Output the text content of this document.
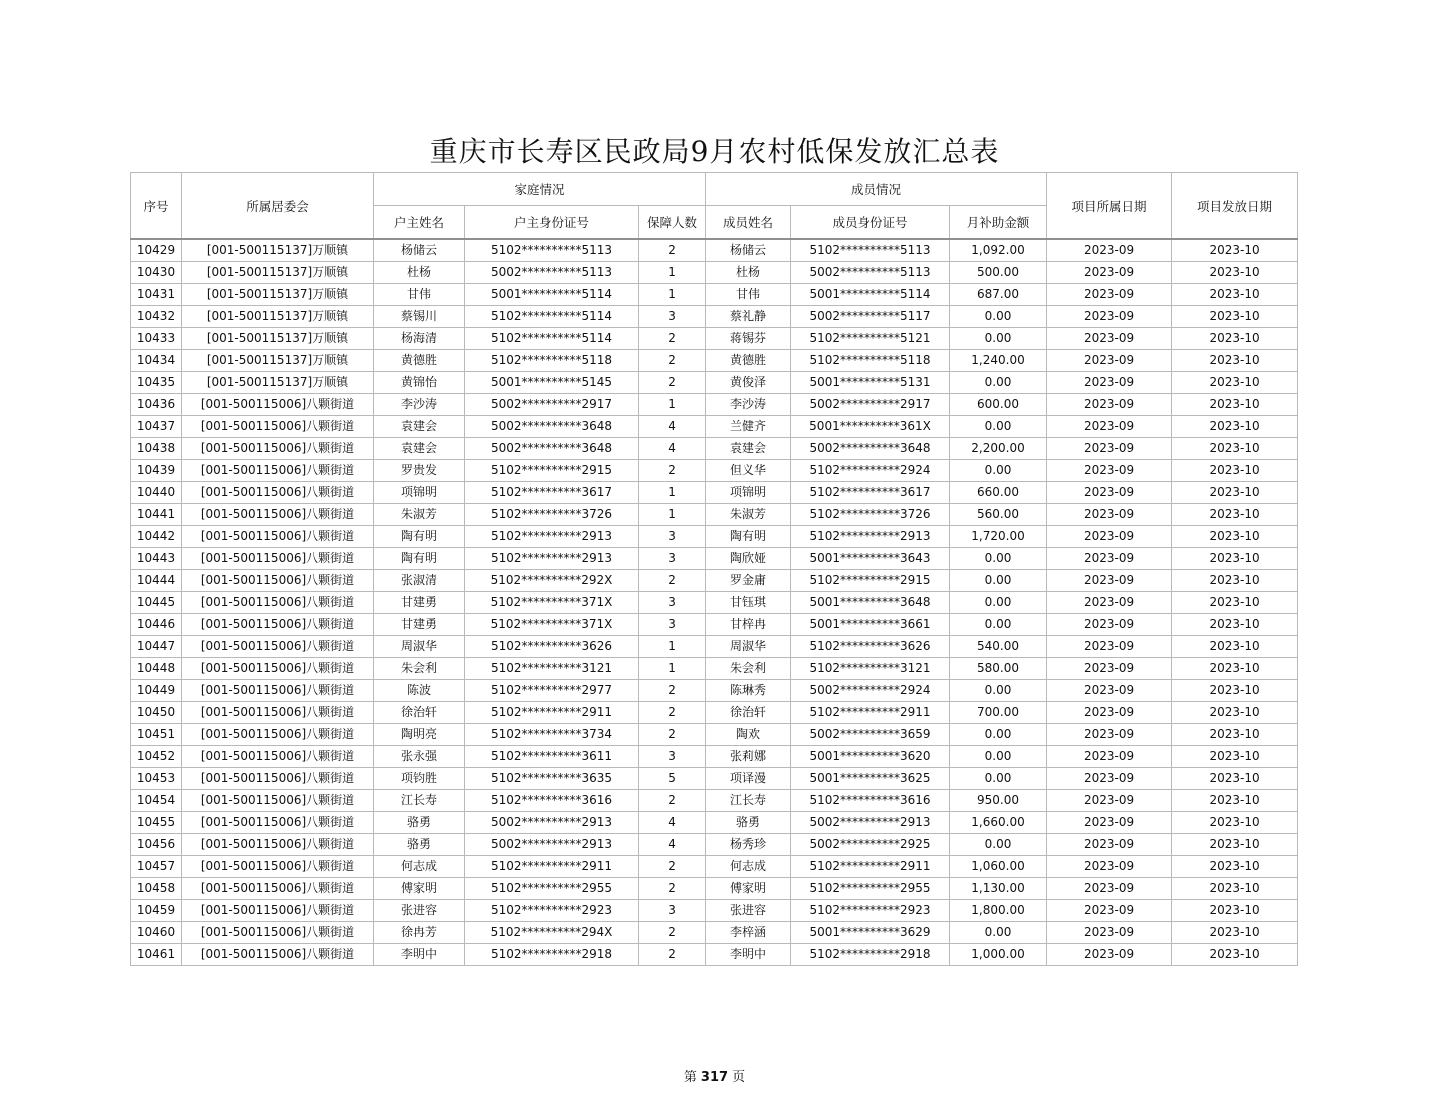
重庆市长寿区民政局9月农村低保发放汇总表
序号	所属居委会	家庭情况			成员情况			项目所属日期	项目发放日期
		户主姓名	户主身份证号	保障人数	成员姓名	成员身份证号	月补助金额		
10429	[001-500115137]万顺镇	杨储云	5102**********5113	2	杨储云	5102**********5113	1,092.00	2023-09	2023-10
10430	[001-500115137]万顺镇	杜杨	5002**********5113	1	杜杨	5002**********5113	500.00	2023-09	2023-10
10431	[001-500115137]万顺镇	甘伟	5001**********5114	1	甘伟	5001**********5114	687.00	2023-09	2023-10
10432	[001-500115137]万顺镇	蔡锡川	5102**********5114	3	蔡礼静	5002**********5117	0.00	2023-09	2023-10
10433	[001-500115137]万顺镇	杨海清	5102**********5114	2	蒋锡芬	5102**********5121	0.00	2023-09	2023-10
10434	[001-500115137]万顺镇	黄德胜	5102**********5118	2	黄德胜	5102**********5118	1,240.00	2023-09	2023-10
10435	[001-500115137]万顺镇	黄锦怡	5001**********5145	2	黄俊泽	5001**********5131	0.00	2023-09	2023-10
10436	[001-500115006]八颗街道	李沙涛	5002**********2917	1	李沙涛	5002**********2917	600.00	2023-09	2023-10
10437	[001-500115006]八颗街道	袁建会	5002**********3648	4	兰健齐	5001**********361X	0.00	2023-09	2023-10
10438	[001-500115006]八颗街道	袁建会	5002**********3648	4	袁建会	5002**********3648	2,200.00	2023-09	2023-10
10439	[001-500115006]八颗街道	罗贵发	5102**********2915	2	但义华	5102**********2924	0.00	2023-09	2023-10
10440	[001-500115006]八颗街道	项锦明	5102**********3617	1	项锦明	5102**********3617	660.00	2023-09	2023-10
10441	[001-500115006]八颗街道	朱淑芳	5102**********3726	1	朱淑芳	5102**********3726	560.00	2023-09	2023-10
10442	[001-500115006]八颗街道	陶有明	5102**********2913	3	陶有明	5102**********2913	1,720.00	2023-09	2023-10
10443	[001-500115006]八颗街道	陶有明	5102**********2913	3	陶欣娅	5001**********3643	0.00	2023-09	2023-10
10444	[001-500115006]八颗街道	张淑清	5102**********292X	2	罗金庸	5102**********2915	0.00	2023-09	2023-10
10445	[001-500115006]八颗街道	甘建勇	5102**********371X	3	甘钰琪	5001**********3648	0.00	2023-09	2023-10
10446	[001-500115006]八颗街道	甘建勇	5102**********371X	3	甘梓冉	5001**********3661	0.00	2023-09	2023-10
10447	[001-500115006]八颗街道	周淑华	5102**********3626	1	周淑华	5102**********3626	540.00	2023-09	2023-10
10448	[001-500115006]八颗街道	朱会利	5102**********3121	1	朱会利	5102**********3121	580.00	2023-09	2023-10
10449	[001-500115006]八颗街道	陈波	5102**********2977	2	陈琳秀	5002**********2924	0.00	2023-09	2023-10
10450	[001-500115006]八颗街道	徐治轩	5102**********2911	2	徐治轩	5102**********2911	700.00	2023-09	2023-10
10451	[001-500115006]八颗街道	陶明亮	5102**********3734	2	陶欢	5002**********3659	0.00	2023-09	2023-10
10452	[001-500115006]八颗街道	张永强	5102**********3611	3	张莉娜	5001**********3620	0.00	2023-09	2023-10
10453	[001-500115006]八颗街道	项钧胜	5102**********3635	5	项译漫	5001**********3625	0.00	2023-09	2023-10
10454	[001-500115006]八颗街道	江长寿	5102**********3616	2	江长寿	5102**********3616	950.00	2023-09	2023-10
10455	[001-500115006]八颗街道	骆勇	5002**********2913	4	骆勇	5002**********2913	1,660.00	2023-09	2023-10
10456	[001-500115006]八颗街道	骆勇	5002**********2913	4	杨秀珍	5002**********2925	0.00	2023-09	2023-10
10457	[001-500115006]八颗街道	何志成	5102**********2911	2	何志成	5102**********2911	1,060.00	2023-09	2023-10
10458	[001-500115006]八颗街道	傅家明	5102**********2955	2	傅家明	5102**********2955	1,130.00	2023-09	2023-10
10459	[001-500115006]八颗街道	张进容	5102**********2923	3	张进容	5102**********2923	1,800.00	2023-09	2023-10
10460	[001-500115006]八颗街道	徐冉芳	5102**********294X	2	李梓涵	5001**********3629	0.00	2023-09	2023-10
10461	[001-500115006]八颗街道	李明中	5102**********2918	2	李明中	5102**********2918	1,000.00	2023-09	2023-10
第 317 页
